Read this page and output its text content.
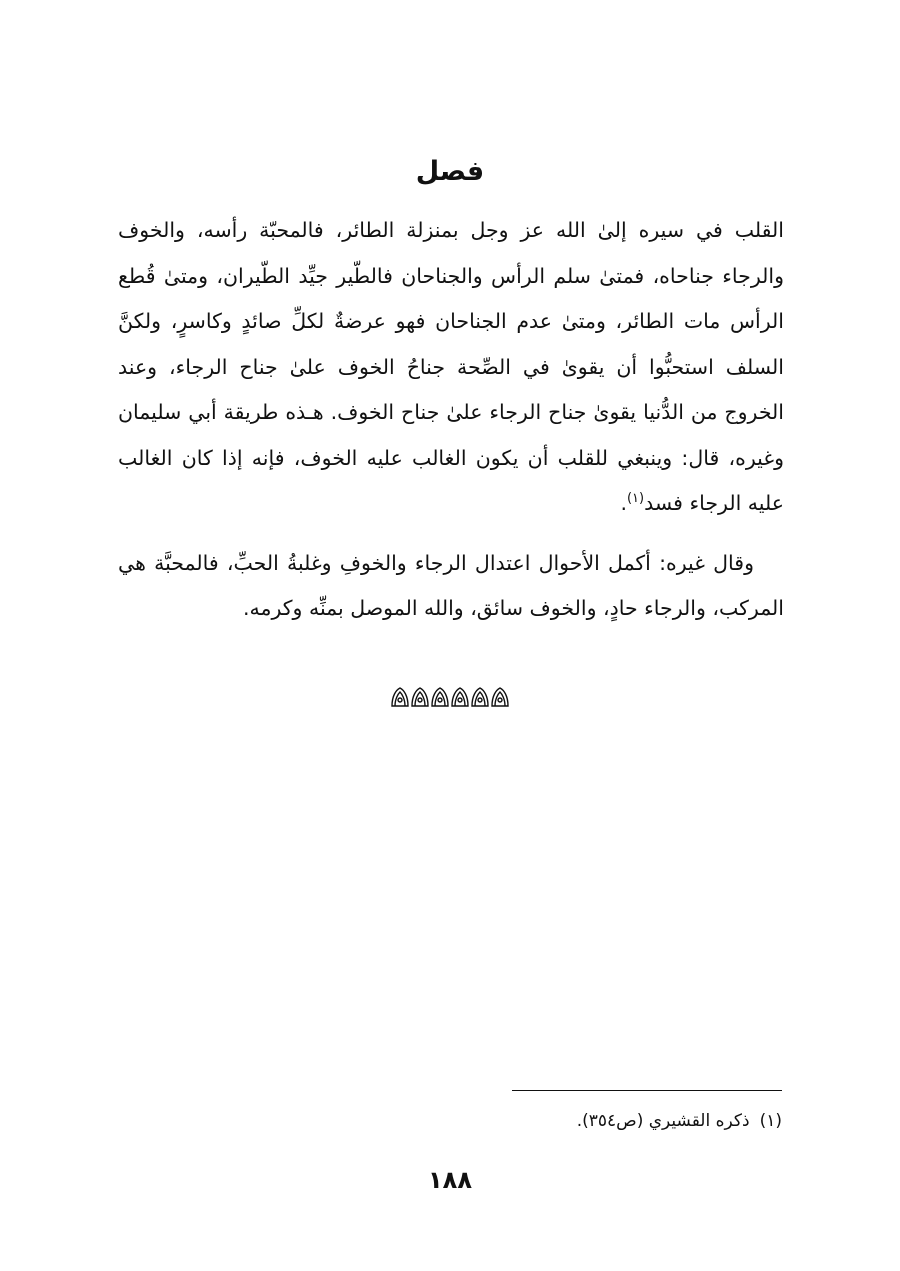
فصل

القلب في سيره إلىٰ الله عز وجل بمنزلة الطائر، فالمحبّة رأسه، والخوف والرجاء جناحاه، فمتىٰ سلم الرأس والجناحان فالطّير جيِّد الطّيران، ومتىٰ قُطع الرأس مات الطائر، ومتىٰ عدم الجناحان فهو عرضةٌ لكلِّ صائدٍ وكاسرٍ، ولكنَّ السلف استحبُّوا أن يقوىٰ في الصِّحة جناحُ الخوف علىٰ جناح الرجاء، وعند الخروج من الدُّنيا يقوىٰ جناح الرجاء علىٰ جناح الخوف. هـذه طريقة أبي سليمان وغيره، قال: وينبغي للقلب أن يكون الغالب عليه الخوف، فإنه إذا كان الغالب عليه الرجاء فسد$^{(١)}$.

وقال غيره: أكمل الأحوال اعتدال الرجاء والخوفِ وغلبةُ الحبِّ، فالمحبَّة هي المركب، والرجاء حادٍ، والخوف سائق، والله الموصل بمنِّه وكرمه.

(١)ذكره القشيري (ص٣٥٤).
١٨٨
